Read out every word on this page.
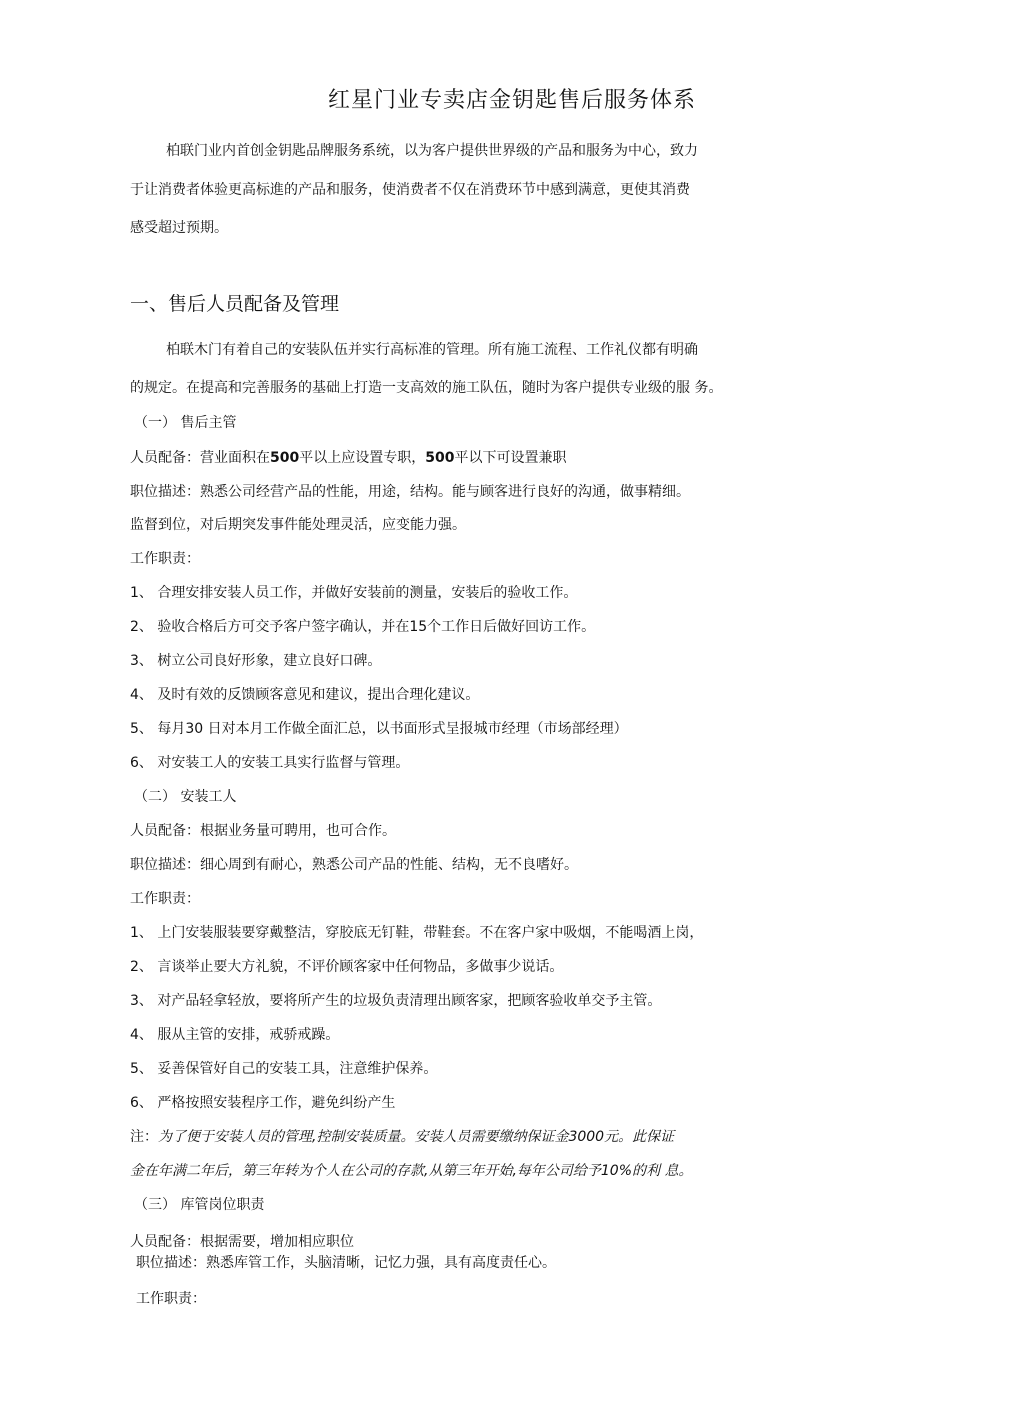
红星门业专卖店金钥匙售后服务体系
柏联门业内首创金钥匙品牌服务系统，以为客户提供世界级的产品和服务为中心，致力
于让消费者体验更高标進的产品和服务，使消费者不仅在消费环节中感到满意，更使其消费
感受超过预期。
一、售后人员配备及管理
柏联木门有着自己的安装队伍并实行高标准的管理。所有施工流程、工作礼仪都有明确
的规定。在提高和完善服务的基础上打造一支高效的施工队伍，随时为客户提供专业级的服 务。
（一） 售后主管
人员配备：营业面积在500平以上应设置专职，500平以下可设置兼职
职位描述：熟悉公司经营产品的性能，用途，结构。能与顾客进行良好的沟通，做事精细。
监督到位，对后期突发事件能处理灵活，应变能力强。
工作职责：
1、 合理安排安装人员工作，并做好安装前的测量，安装后的验收工作。
2、 验收合格后方可交予客户签字确认，并在15个工作日后做好回访工作。
3、 树立公司良好形象，建立良好口碑。
4、 及时有效的反馈顾客意见和建议，提出合理化建议。
5、 每月30 日对本月工作做全面汇总，以书面形式呈报城市经理（市场部经理）
6、 对安装工人的安装工具实行监督与管理。
（二） 安装工人
人员配备：根据业务量可聘用，也可合作。
职位描述：细心周到有耐心，熟悉公司产品的性能、结构，无不良嗜好。
工作职责：
1、 上门安装服装要穿戴整洁，穿胶底无钉鞋，带鞋套。不在客户家中吸烟，不能喝酒上岗，
2、 言谈举止要大方礼貌，不评价顾客家中任何物品，多做事少说话。
3、 对产品轻拿轻放，要将所产生的垃圾负责清理出顾客家，把顾客验收单交予主管。
4、 服从主管的安排，戒骄戒躁。
5、 妥善保管好自己的安装工具，注意维护保养。
6、 严格按照安装程序工作，避免纠纷产生
注：为了便于安装人员的管理,控制安装质量。安装人员需要缴纳保证金3000元。此保证
金在年满二年后，第三年转为个人在公司的存款,从第三年开始,每年公司给予10%的利 息。
（三） 库管岗位职责
人员配备：根据需要，增加相应职位
职位描述：熟悉库管工作，头脑清晰，记忆力强，具有高度责任心。
工作职责：
